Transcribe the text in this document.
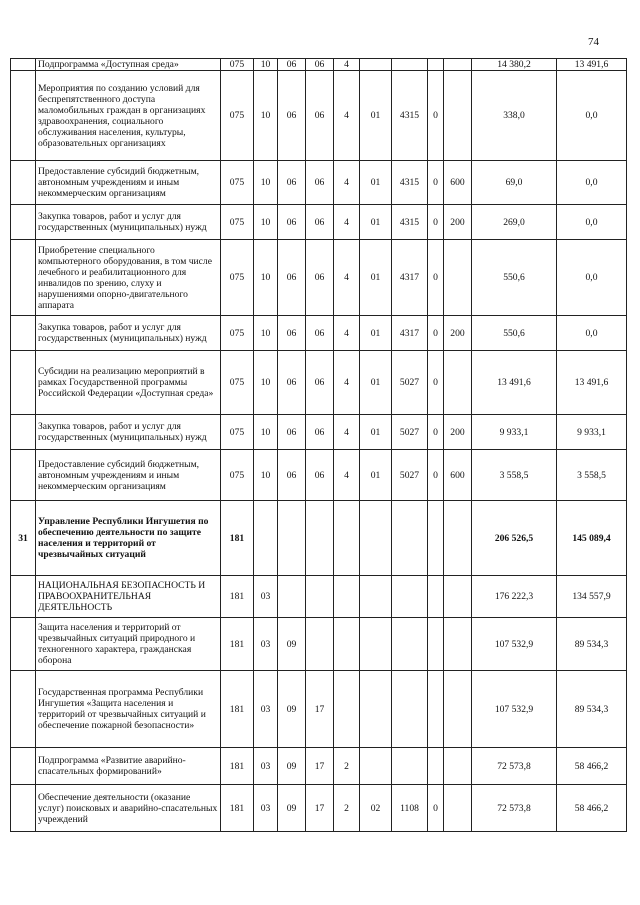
74
	Подпрограмма «Доступная среда»	075	10	06	06	4					14 380,2	13 491,6
	Мероприятия по созданию условий для беспрепятственного доступа маломобильных граждан в организациях здравоохранения, социального обслуживания населения, культуры, образовательных организациях	075	10	06	06	4	01	4315	0		338,0	0,0
	Предоставление субсидий бюджетным, автономным учреждениям и иным некоммерческим организациям	075	10	06	06	4	01	4315	0	600	69,0	0,0
	Закупка товаров, работ и услуг для государственных (муниципальных) нужд	075	10	06	06	4	01	4315	0	200	269,0	0,0
	Приобретение специального компьютерного оборудования, в том числе лечебного и реабилитационного для инвалидов по зрению, слуху и нарушениями опорно-двигательного аппарата	075	10	06	06	4	01	4317	0		550,6	0,0
	Закупка товаров, работ и услуг для государственных (муниципальных) нужд	075	10	06	06	4	01	4317	0	200	550,6	0,0
	Субсидии на реализацию мероприятий в рамках Государственной программы Российской Федерации «Доступная среда»	075	10	06	06	4	01	5027	0		13 491,6	13 491,6
	Закупка товаров, работ и услуг для государственных (муниципальных) нужд	075	10	06	06	4	01	5027	0	200	9 933,1	9 933,1
	Предоставление субсидий бюджетным, автономным учреждениям и иным некоммерческим организациям	075	10	06	06	4	01	5027	0	600	3 558,5	3 558,5
31	Управление Республики Ингушетия по обеспечению деятельности по защите населения и территорий от чрезвычайных ситуаций	181									206 526,5	145 089,4
	НАЦИОНАЛЬНАЯ БЕЗОПАСНОСТЬ И ПРАВООХРАНИТЕЛЬНАЯ ДЕЯТЕЛЬНОСТЬ	181	03								176 222,3	134 557,9
	Защита населения и территорий от чрезвычайных ситуаций природного и техногенного характера, гражданская оборона	181	03	09							107 532,9	89 534,3
	Государственная программа Республики Ингушетия «Защита населения и территорий от чрезвычайных ситуаций и обеспечение пожарной безопасности»	181	03	09	17						107 532,9	89 534,3
	Подпрограмма «Развитие аварийно-спасательных формирований»	181	03	09	17	2					72 573,8	58 466,2
	Обеспечение деятельности (оказание услуг) поисковых и аварийно-спасательных учреждений	181	03	09	17	2	02	1108	0		72 573,8	58 466,2
